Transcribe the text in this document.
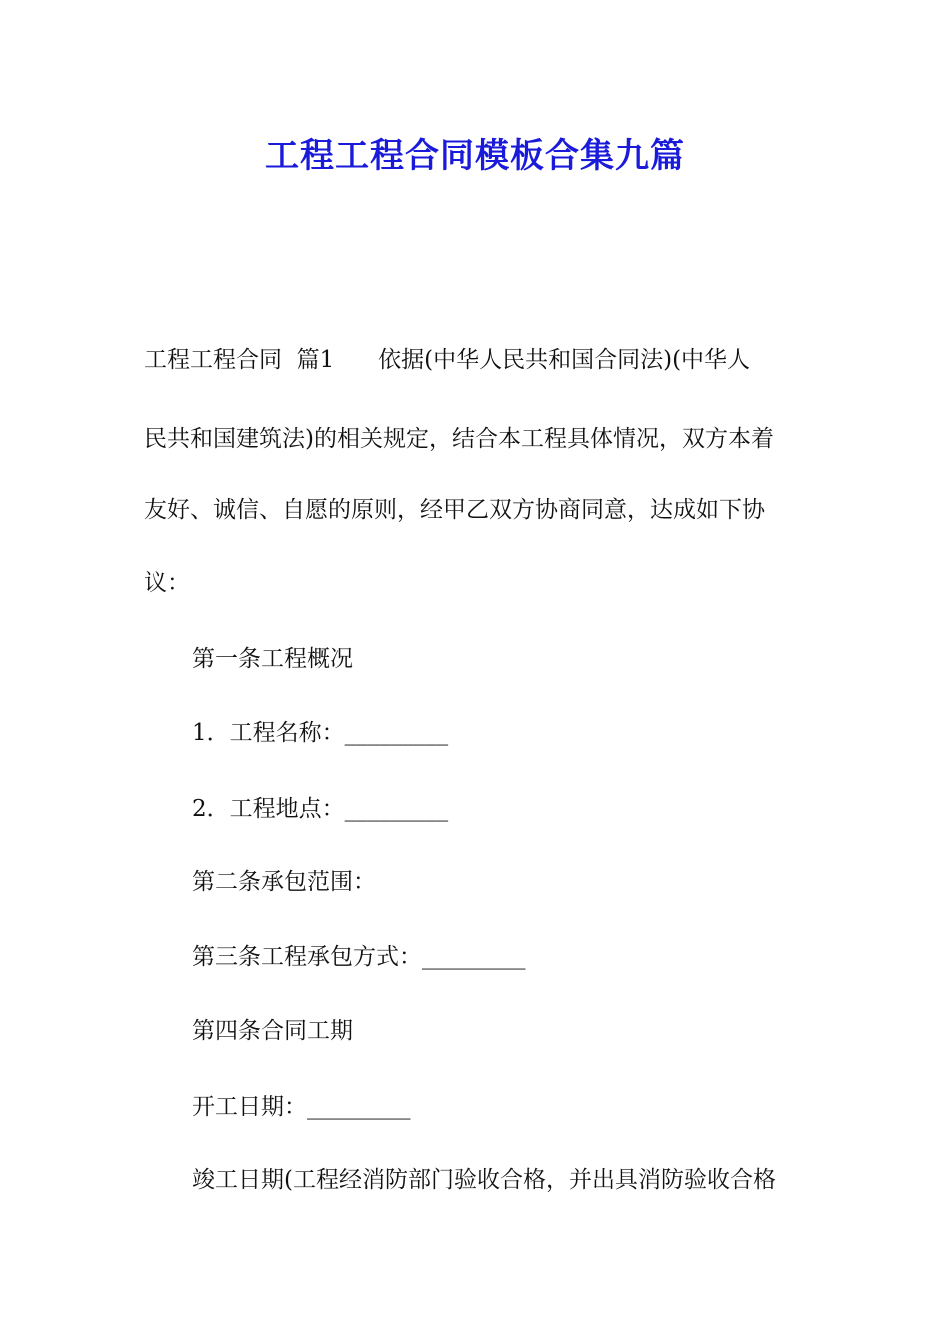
工程工程合同模板合集九篇
工程工程合同  篇1      依据(中华人民共和国合同法)(中华人
民共和国建筑法)的相关规定，结合本工程具体情况，双方本着
友好、诚信、自愿的原则，经甲乙双方协商同意，达成如下协
议：
第一条工程概况
1．工程名称：_________
2．工程地点：_________
第二条承包范围：
第三条工程承包方式：_________
第四条合同工期
开工日期：_________
竣工日期(工程经消防部门验收合格，并出具消防验收合格
